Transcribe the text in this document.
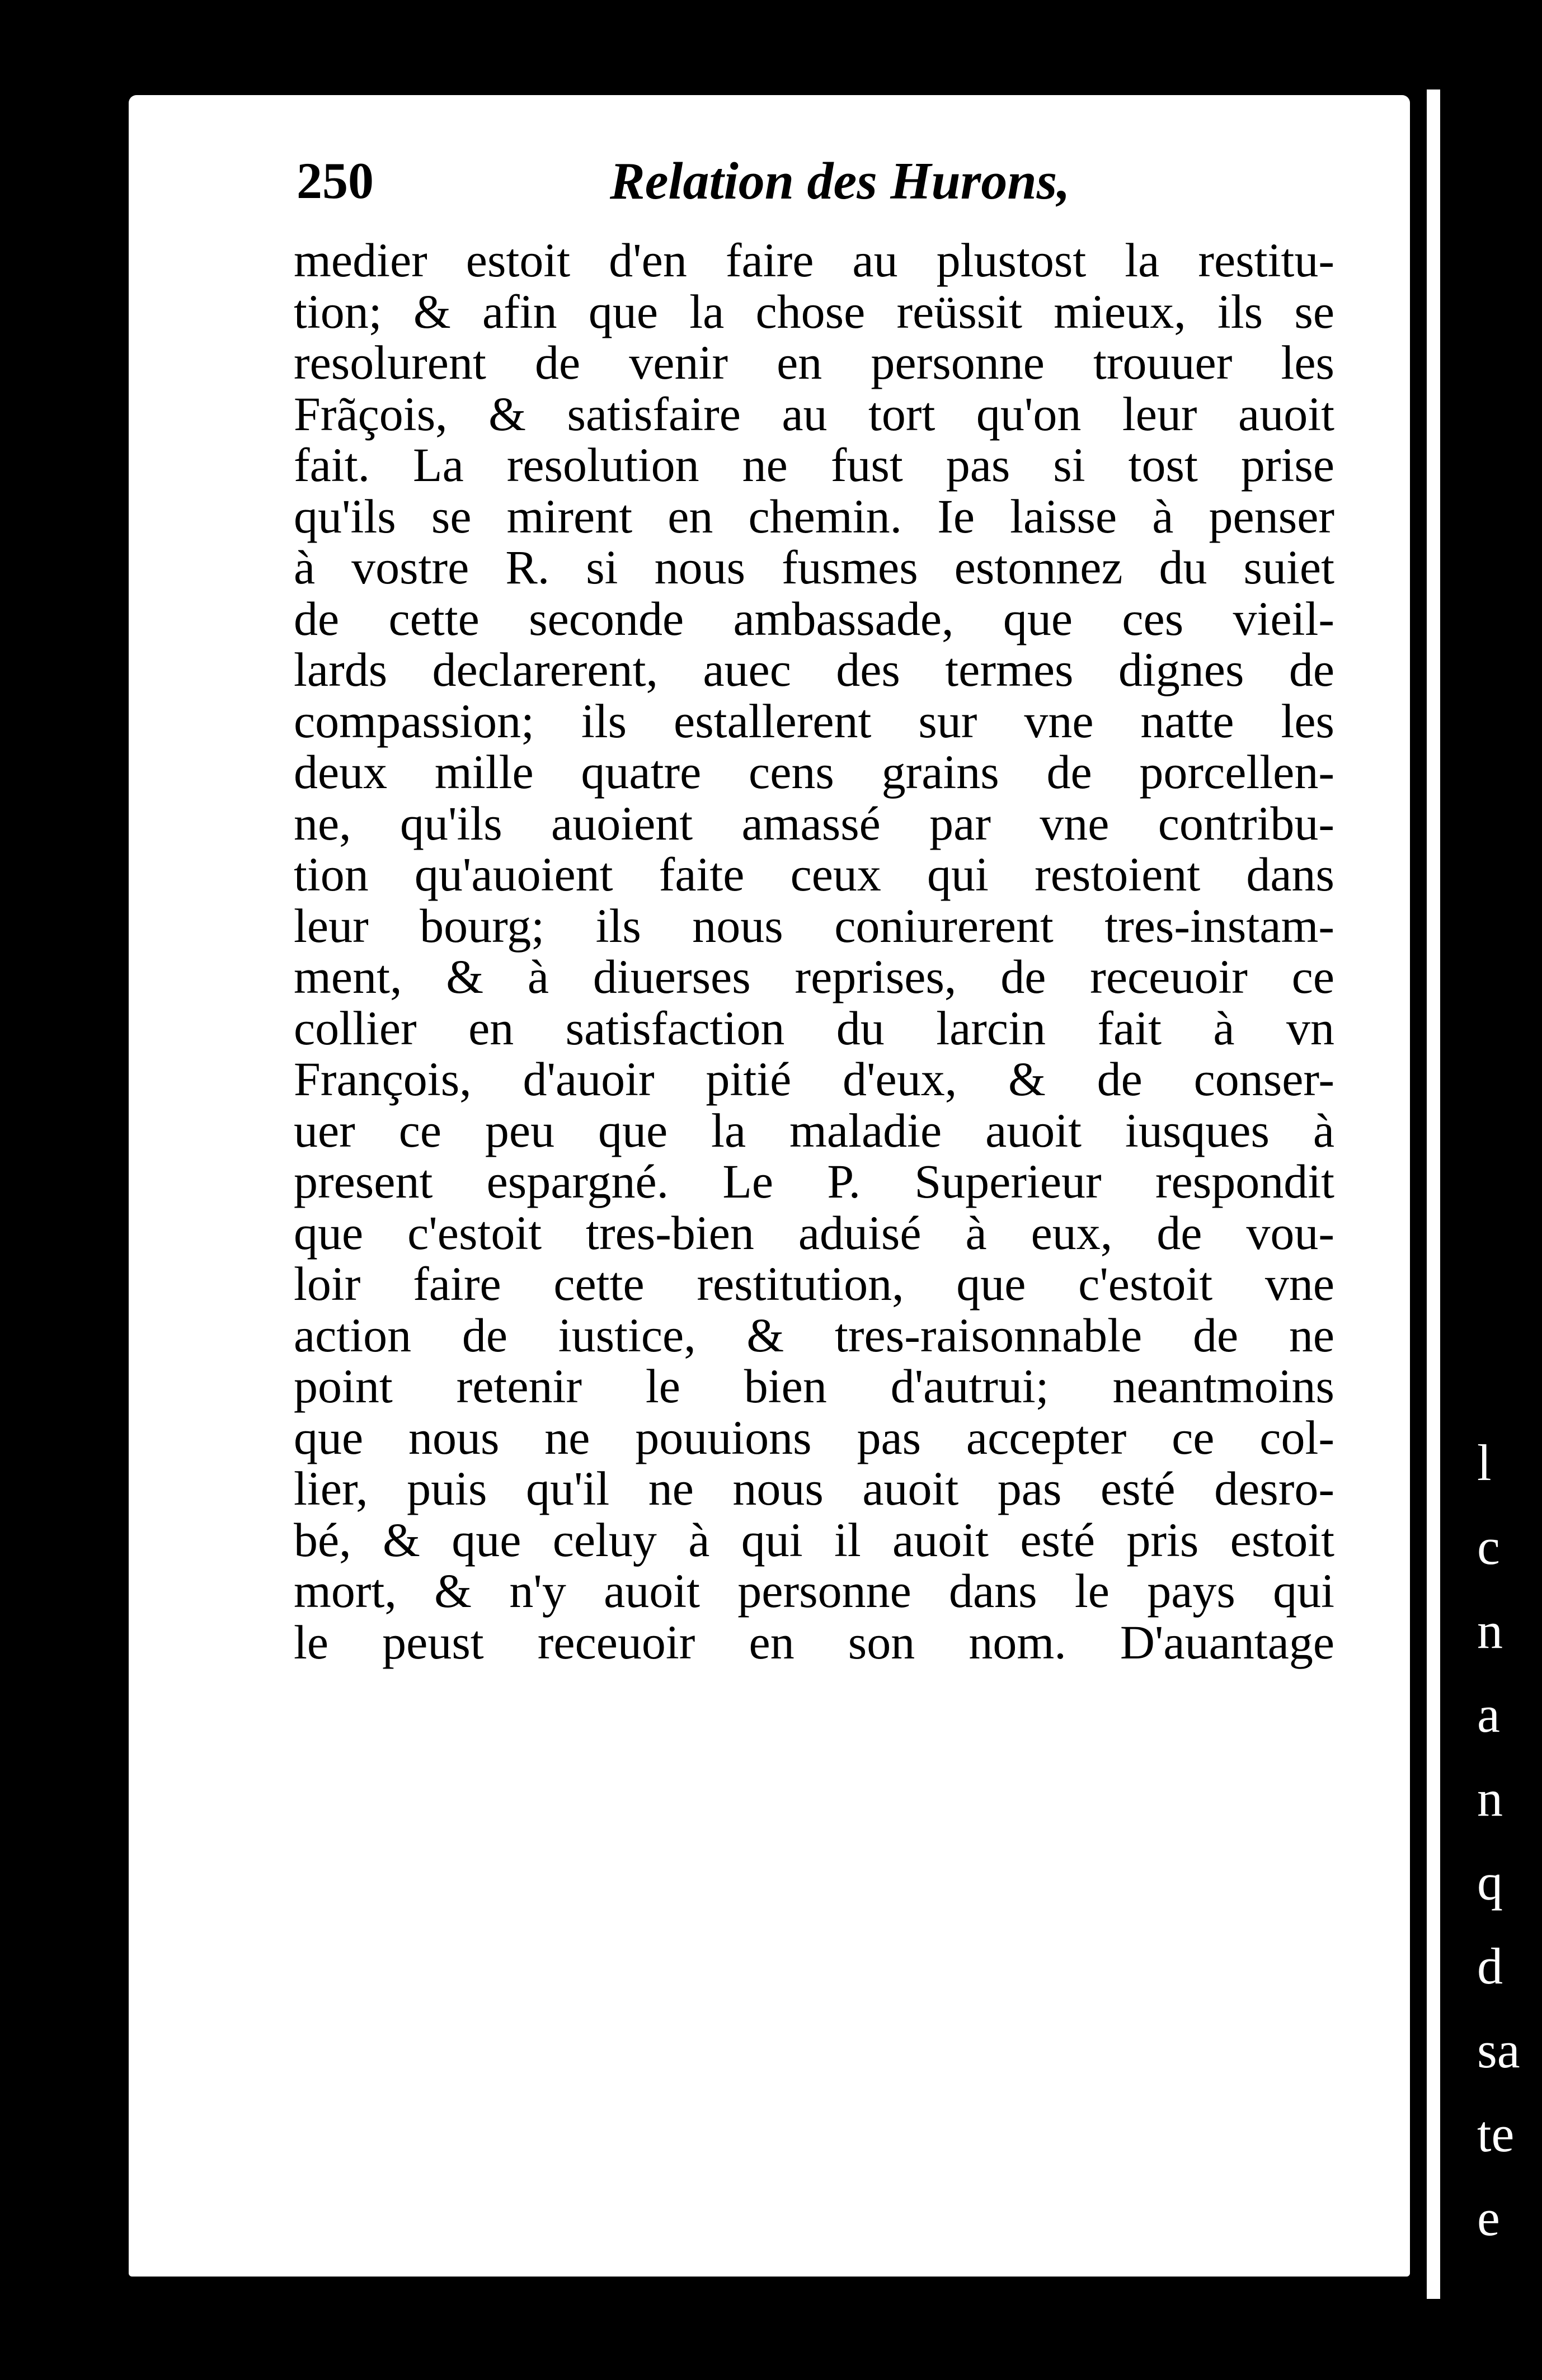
l
c
n
a
n
q
d
sa
te
e
250	Relation des Hurons,
medier estoit d'en faire au plustost la restitu-
tion; & afin que la chose reüssit mieux, ils se
resolurent de venir en personne trouuer les
Frãçois, & satisfaire au tort qu'on leur auoit
fait. La resolution ne fust pas si tost prise
qu'ils se mirent en chemin. Ie laisse à penser
à vostre R. si nous fusmes estonnez du suiet
de cette seconde ambassade, que ces vieil-
lards declarerent, auec des termes dignes de
compassion; ils estallerent sur vne natte les
deux mille quatre cens grains de porcellen-
ne, qu'ils auoient amassé par vne contribu-
tion qu'auoient faite ceux qui restoient dans
leur bourg; ils nous coniurerent tres-instam-
ment, & à diuerses reprises, de receuoir ce
collier en satisfaction du larcin fait à vn
François, d'auoir pitié d'eux, & de conser-
uer ce peu que la maladie auoit iusques à
present espargné. Le P. Superieur respondit
que c'estoit tres-bien aduisé à eux, de vou-
loir faire cette restitution, que c'estoit vne
action de iustice, & tres-raisonnable de ne
point retenir le bien d'autrui; neantmoins
que nous ne pouuions pas accepter ce col-
lier, puis qu'il ne nous auoit pas esté desro-
bé, & que celuy à qui il auoit esté pris estoit
mort, & n'y auoit personne dans le pays qui
le peust receuoir en son nom. D'auantage
